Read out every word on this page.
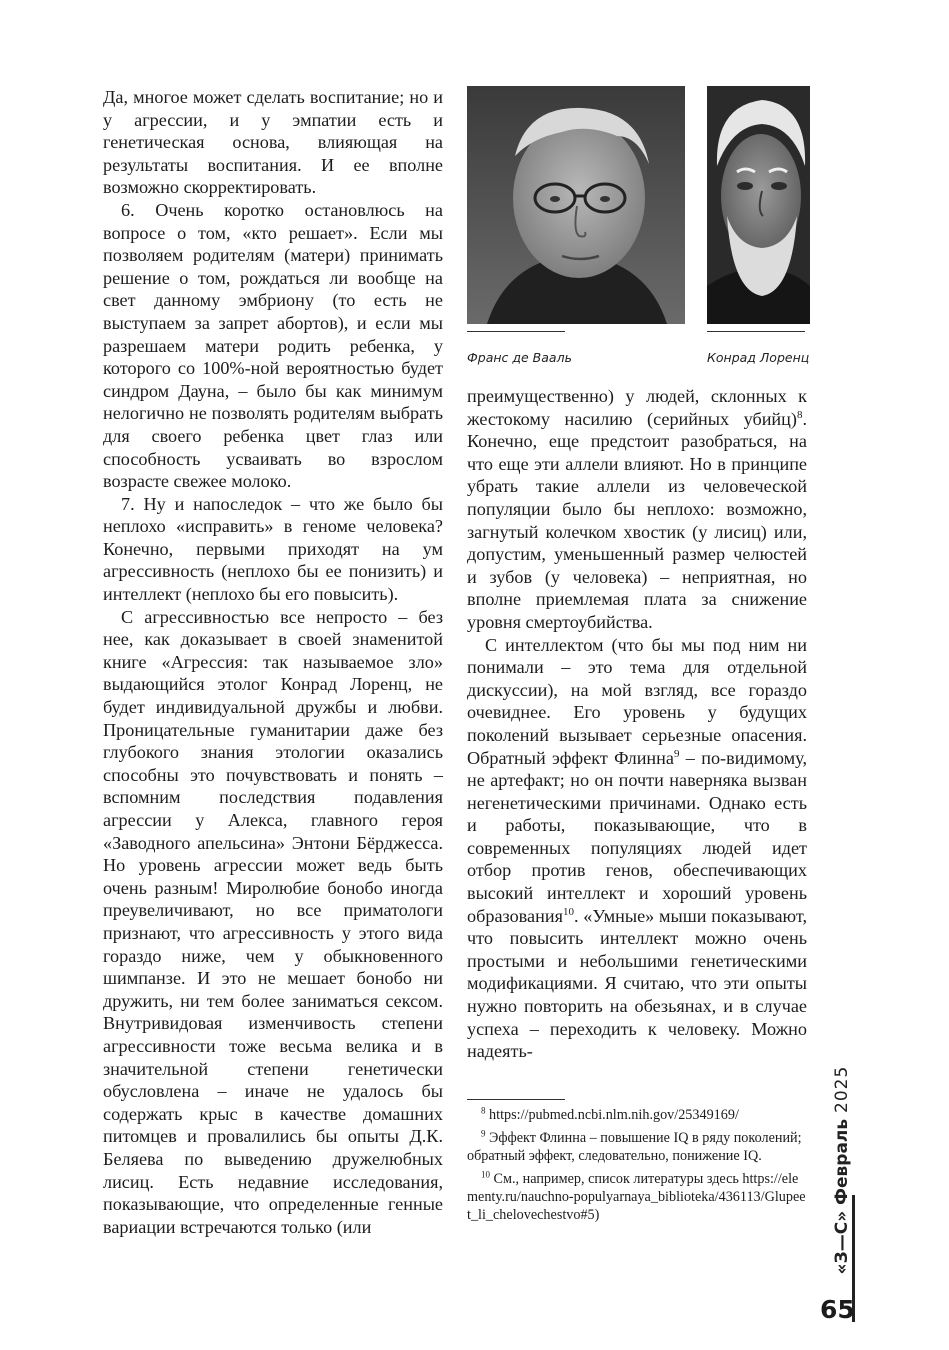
Франс де Вааль	Конрад Лоренц

Да, многое может сделать воспитание; но и у агрессии, и у эмпатии есть и генетическая основа, влияющая на результаты воспитания. И ее вполне возможно скорректировать.

6. Очень коротко остановлюсь на вопросе о том, «кто решает». Если мы позволяем родителям (матери) принимать решение о том, рождаться ли вообще на свет данному эмбриону (то есть не выступаем за запрет абортов), и если мы разрешаем матери родить ребенка, у которого со 100%-ной вероятностью будет синдром Дауна, – было бы как минимум нелогично не позволять родителям выбрать для своего ребенка цвет глаз или способность усваивать во взрослом возрасте свежее молоко.

7. Ну и напоследок – что же было бы неплохо «исправить» в геноме человека? Конечно, первыми приходят на ум агрессивность (неплохо бы ее понизить) и интеллект (неплохо бы его повысить).

С агрессивностью все непросто – без нее, как доказывает в своей знаменитой книге «Агрессия: так называемое зло» выдающийся этолог Конрад Лоренц, не будет индивидуальной дружбы и любви. Проницательные гуманитарии даже без глубокого знания этологии оказались способны это почувствовать и понять – вспомним последствия подавления агрессии у Алекса, главного героя «Заводного апельсина» Энтони Бёрджесса. Но уровень агрессии может ведь быть очень разным! Миролюбие бонобо иногда преувеличивают, но все приматологи признают, что агрессивность у этого вида гораздо ниже, чем у обыкновенного шимпанзе. И это не мешает бонобо ни дружить, ни тем более заниматься сексом. Внутривидовая изменчивость степени агрессивности тоже весьма велика и в значительной степени генетически обусловлена – иначе не удалось бы содержать крыс в качестве домашних питомцев и провалились бы опыты Д.К. Беляева по выведению дружелюбных лисиц. Есть недавние исследования, показывающие, что определенные генные вариации встречаются только (или

преимущественно) у людей, склонных к жестокому насилию (серийных убийц)$^8$. Конечно, еще предстоит разобраться, на что еще эти аллели влияют. Но в принципе убрать такие аллели из человеческой популяции было бы неплохо: возможно, загнутый колечком хвостик (у лисиц) или, допустим, уменьшенный размер челюстей и зубов (у человека) – неприятная, но вполне приемлемая плата за снижение уровня смертоубийства.

С интеллектом (что бы мы под ним ни понимали – это тема для отдельной дискуссии), на мой взгляд, все гораздо очевиднее. Его уровень у будущих поколений вызывает серьезные опасения. Обратный эффект Флинна$^9$ – по-видимому, не артефакт; но он почти наверняка вызван негенетическими причинами. Однако есть и работы, показывающие, что в современных популяциях людей идет отбор против генов, обеспечивающих высокий интеллект и хороший уровень образования$^{10}$. «Умные» мыши показывают, что повысить интеллект можно очень простыми и небольшими генетическими модификациями. Я считаю, что эти опыты нужно повторить на обезьянах, и в случае успеха – переходить к человеку. Можно надеять-

$^8$ https://pubmed.ncbi.nlm.nih.gov/25349169/

$^9$ Эффект Флинна – повышение IQ в ряду поколений; обратный эффект, следовательно, понижение IQ.

$^{10}$ См., например, список литературы здесь https://elementy.ru/nauchno-populyarnaya_biblioteka/436113/Glupeet_li_chelovechestvo#5)	«З—С» Февраль 2025
65
